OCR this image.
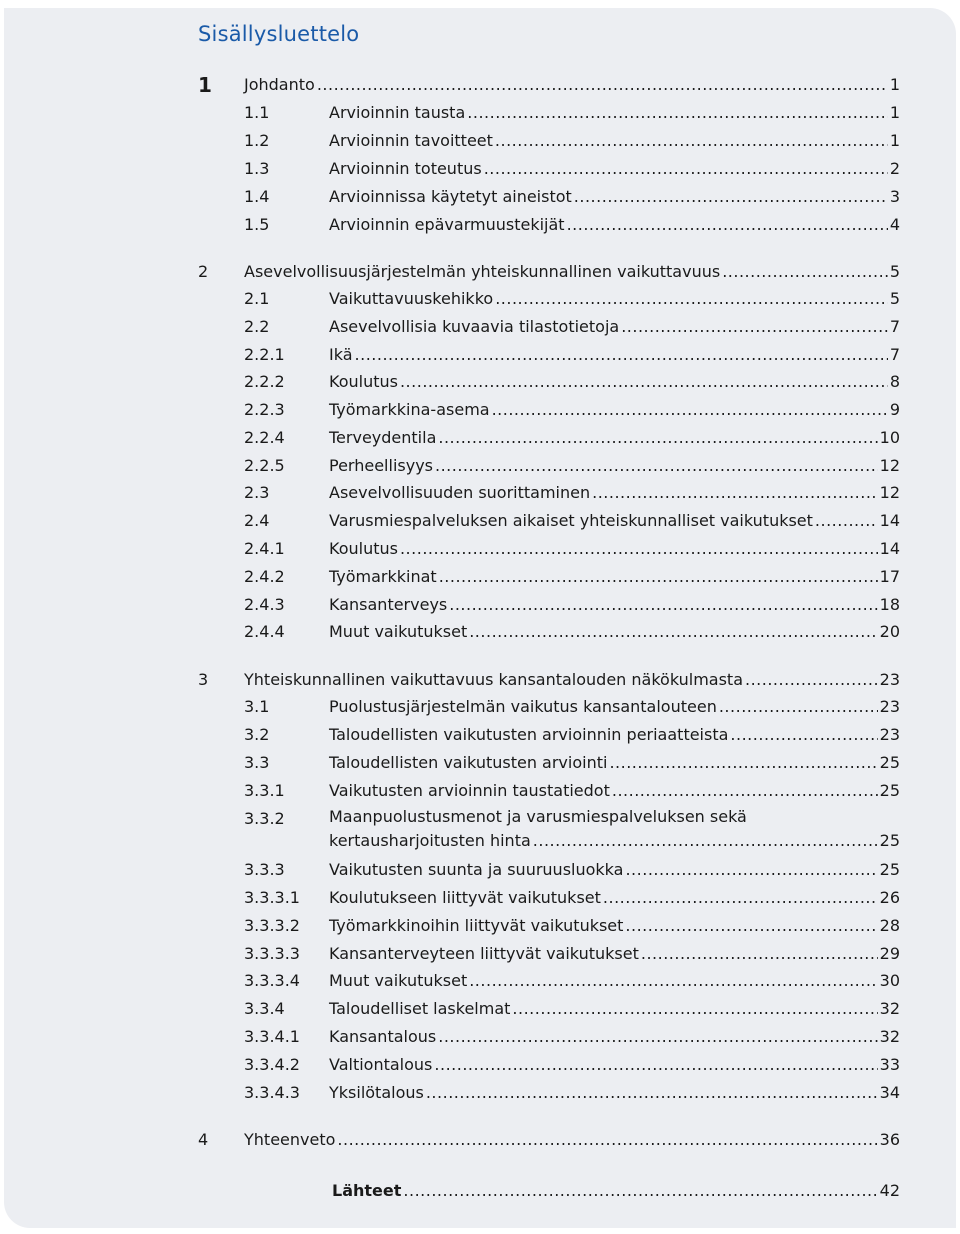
Sisällysluettelo
1 Johdanto .....	1
1.1	Arvioinnin tausta .....	1
1.2	Arvioinnin tavoitteet .....	1
1.3	Arvioinnin toteutus .....	2
1.4	Arvioinnissa käytetyt aineistot .....	3
1.5	Arvioinnin epävarmuustekijät .....	4
2 Asevelvollisuusjärjestelmän yhteiskunnallinen vaikuttavuus .....	5
2.1	Vaikuttavuuskehikko .....	5
2.2	Asevelvollisia kuvaavia tilastotietoja .....	7
2.2.1	Ikä .....	7
2.2.2	Koulutus .....	8
2.2.3	Työmarkkina-asema .....	9
2.2.4	Terveydentila .....	10
2.2.5	Perheellisyys .....	12
2.3	Asevelvollisuuden suorittaminen .....	12
2.4	Varusmiespalveluksen aikaiset yhteiskunnalliset vaikutukset .....	14
2.4.1	Koulutus .....	14
2.4.2	Työmarkkinat .....	17
2.4.3	Kansanterveys .....	18
2.4.4	Muut vaikutukset .....	20
3 Yhteiskunnallinen vaikuttavuus kansantalouden näkökulmasta .....	23
3.1	Puolustusjärjestelmän vaikutus kansantalouteen .....	23
3.2	Taloudellisten vaikutusten arvioinnin periaatteista .....	23
3.3	Taloudellisten vaikutusten arviointi .....	25
3.3.1	Vaikutusten arvioinnin taustatiedot .....	25
3.3.2	Maanpuolustusmenot ja varusmiespalveluksen sekä
kertausharjoitusten hinta .....	25
3.3.3	Vaikutusten suunta ja suuruusluokka .....	25
3.3.3.1 Koulutukseen liittyvät vaikutukset .....	26
3.3.3.2 Työmarkkinoihin liittyvät vaikutukset .....	28
3.3.3.3 Kansanterveyteen liittyvät vaikutukset .....	29
3.3.3.4 Muut vaikutukset .....	30
3.3.4	Taloudelliset laskelmat .....	32
3.3.4.1 Kansantalous .....	32
3.3.4.2 Valtiontalous .....	33
3.3.4.3 Yksilötalous .....	34
4 Yhteenveto .....	36
Lähteet .....	42
